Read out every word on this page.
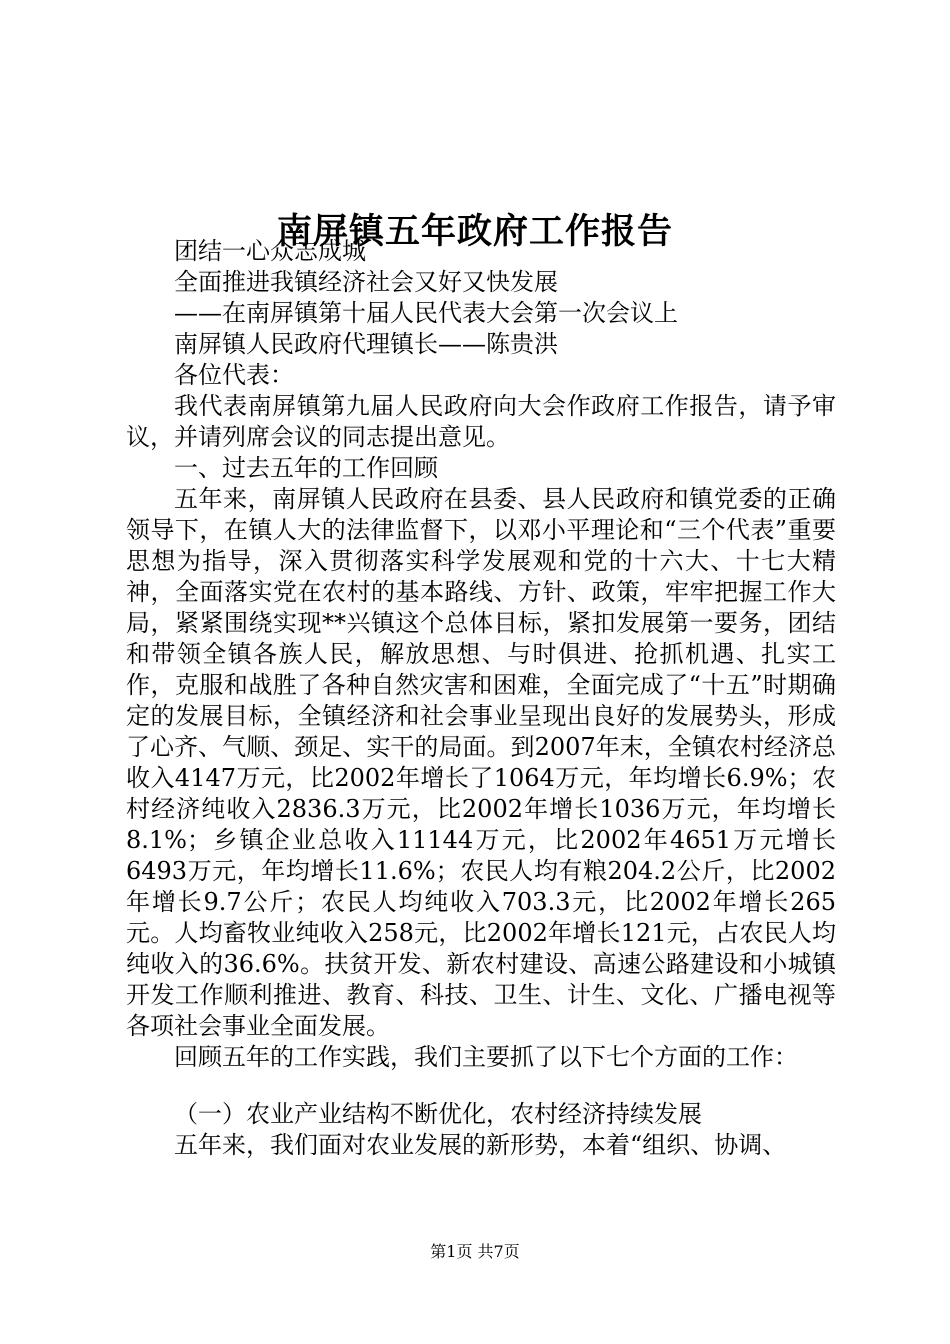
南屏镇五年政府工作报告

团结一心众志成城

全面推进我镇经济社会又好又快发展

——在南屏镇第十届人民代表大会第一次会议上

南屏镇人民政府代理镇长——陈贵洪

各位代表：

我代表南屏镇第九届人民政府向大会作政府工作报告，请予审议，并请列席会议的同志提出意见。

一、过去五年的工作回顾

五年来，南屏镇人民政府在县委、县人民政府和镇党委的正确领导下，在镇人大的法律监督下，以邓小平理论和“三个代表”重要思想为指导，深入贯彻落实科学发展观和党的十六大、十七大精神，全面落实党在农村的基本路线、方针、政策，牢牢把握工作大局，紧紧围绕实现**兴镇这个总体目标，紧扣发展第一要务，团结和带领全镇各族人民，解放思想、与时俱进、抢抓机遇、扎实工作，克服和战胜了各种自然灾害和困难，全面完成了“十五”时期确定的发展目标，全镇经济和社会事业呈现出良好的发展势头，形成了心齐、气顺、颈足、实干的局面。到2007年末，全镇农村经济总收入4147万元，比2002年增长了1064万元，年均增长6.9%；农村经济纯收入2836.3万元，比2002年增长1036万元，年均增长8.1%；乡镇企业总收入11144万元，比2002年4651万元增长6493万元，年均增长11.6%；农民人均有粮204.2公斤，比2002年增长9.7公斤；农民人均纯收入703.3元，比2002年增长265元。人均畜牧业纯收入258元，比2002年增长121元，占农民人均纯收入的36.6%。扶贫开发、新农村建设、高速公路建设和小城镇开发工作顺利推进、教育、科技、卫生、计生、文化、广播电视等各项社会事业全面发展。

回顾五年的工作实践，我们主要抓了以下七个方面的工作：

（一）农业产业结构不断优化，农村经济持续发展

五年来，我们面对农业发展的新形势，本着“组织、协调、

第1页 共7页
